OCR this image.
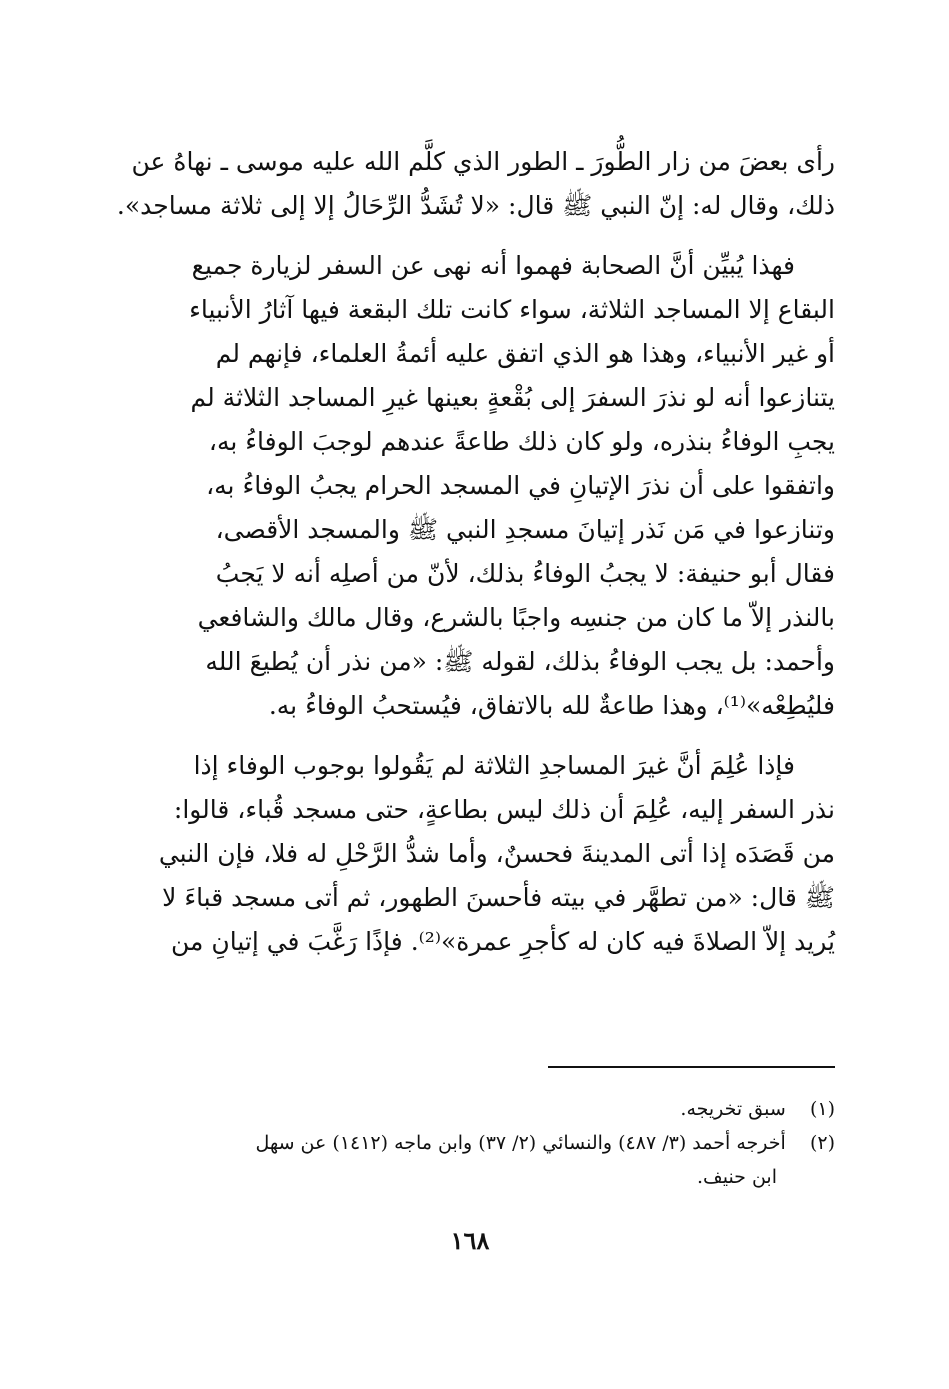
رأى بعضَ من زار الطُّورَ ـ الطور الذي كلَّم الله عليه موسى ـ نهاهُ عن
ذلك، وقال له: إنّ النبي ﷺ قال: «لا تُشَدُّ الرِّحَالُ إلا إلى ثلاثة مساجد».

فهذا يُبيِّن أنَّ الصحابة فهموا أنه نهى عن السفر لزيارة جميع
البقاع إلا المساجد الثلاثة، سواء كانت تلك البقعة فيها آثارُ الأنبياء
أو غير الأنبياء، وهذا هو الذي اتفق عليه أئمةُ العلماء، فإنهم لم
يتنازعوا أنه لو نذرَ السفرَ إلى بُقْعةٍ بعينها غيرِ المساجد الثلاثة لم
يجبِ الوفاءُ بنذره، ولو كان ذلك طاعةً عندهم لوجبَ الوفاءُ به،
واتفقوا على أن نذرَ الإتيانِ في المسجد الحرام يجبُ الوفاءُ به،
وتنازعوا في مَن نَذر إتيانَ مسجدِ النبي ﷺ والمسجد الأقصى،
فقال أبو حنيفة: لا يجبُ الوفاءُ بذلك، لأنّ من أصلِه أنه لا يَجبُ
بالنذر إلاّ ما كان من جنسِه واجبًا بالشرع، وقال مالك والشافعي
وأحمد: بل يجب الوفاءُ بذلك، لقوله ﷺ: «من نذر أن يُطيعَ الله
فليُطِعْه»⁽¹⁾، وهذا طاعةٌ لله بالاتفاق، فيُستحبُ الوفاءُ به.

فإذا عُلِمَ أنَّ غيرَ المساجدِ الثلاثة لم يَقُولوا بوجوب الوفاء إذا
نذر السفر إليه، عُلِمَ أن ذلك ليس بطاعةٍ، حتى مسجد قُباء، قالوا:
من قَصَدَه إذا أتى المدينةَ فحسنٌ، وأما شدُّ الرَّحْلِ له فلا، فإن النبي
ﷺ قال: «من تطهَّر في بيته فأحسنَ الطهور، ثم أتى مسجد قباءَ لا
يُريد إلاّ الصلاةَ فيه كان له كأجرِ عمرة»⁽²⁾. فإذًا رَغَّبَ في إتيانِ من

(١)    سبق تخريجه.
(٢)    أخرجه أحمد (٣/ ٤٨٧) والنسائي (٢/ ٣٧) وابن ماجه (١٤١٢) عن سهل
ابن حنيف.
١٦٨
